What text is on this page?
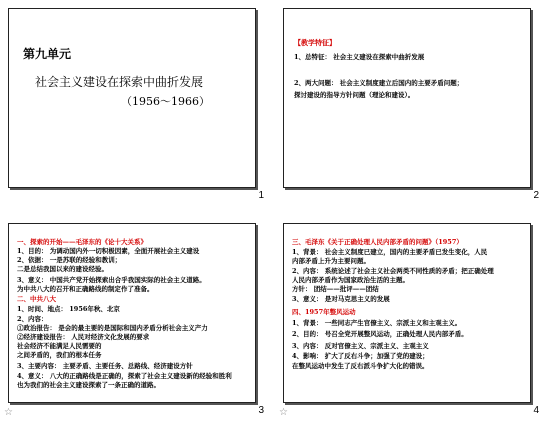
第九单元
社会主义建设在探索中曲折发展
（1956～1966）
1
【教学特征】
1、总特征： 社会主义建设在探索中曲折发展
2、两大问题： 社会主义制度建立后国内的主要矛盾问题；
探讨建设的指导方针问题（理论和建设）。
2
一、探索的开始——毛泽东的《论十大关系》
1、目的： 为调动国内外一切积极因素，全面开展社会主义建设
2、依据： 一是苏联的经验和教训；
二是总结我国以来的建设经验。
3、意义： 中国共产党开始探索出合乎我国实际的社会主义道路。
为中共八大的召开和正确路线的制定作了准备。
二、中共八大
1、时间、地点： 1956年秋、北京
2、内容：
①政治报告： 是会的最主要的是国际和国内矛盾分析社会主义产力
②经济建设报告： 人民对经济文化发展的要求
社会经济不能满足人民需要的
之间矛盾的，我们的根本任务
3、主要内容： 主要矛盾、主要任务、总路线、经济建设方针
4、意义： 八大的正确路线是正确的，探索了社会主义建设新的经验和胜利
也为我们的社会主义建设探索了一条正确的道路。
☆	3
三、毛泽东《关于正确处理人民内部矛盾的问题》（1957）
1、背景： 社会主义制度已建立，国内的主要矛盾已发生变化，人民
内部矛盾上升为主要问题。
2、内容： 系统论述了社会主义社会两类不同性质的矛盾；把正确处理
人民内部矛盾作为国家政治生活的主题。
方针： 团结——批评——团结
3、意义： 是对马克思主义的发展
四、1957年整风运动
1、背景： 一些同志产生官僚主义、宗派主义和主观主义。
2、目的： 号召全党开展整风运动，正确处理人民内部矛盾。
3、内容： 反对官僚主义、宗派主义、主观主义
4、影响： 扩大了反右斗争；加强了党的建设；
在整风运动中发生了反右派斗争扩大化的错误。
☆	4
